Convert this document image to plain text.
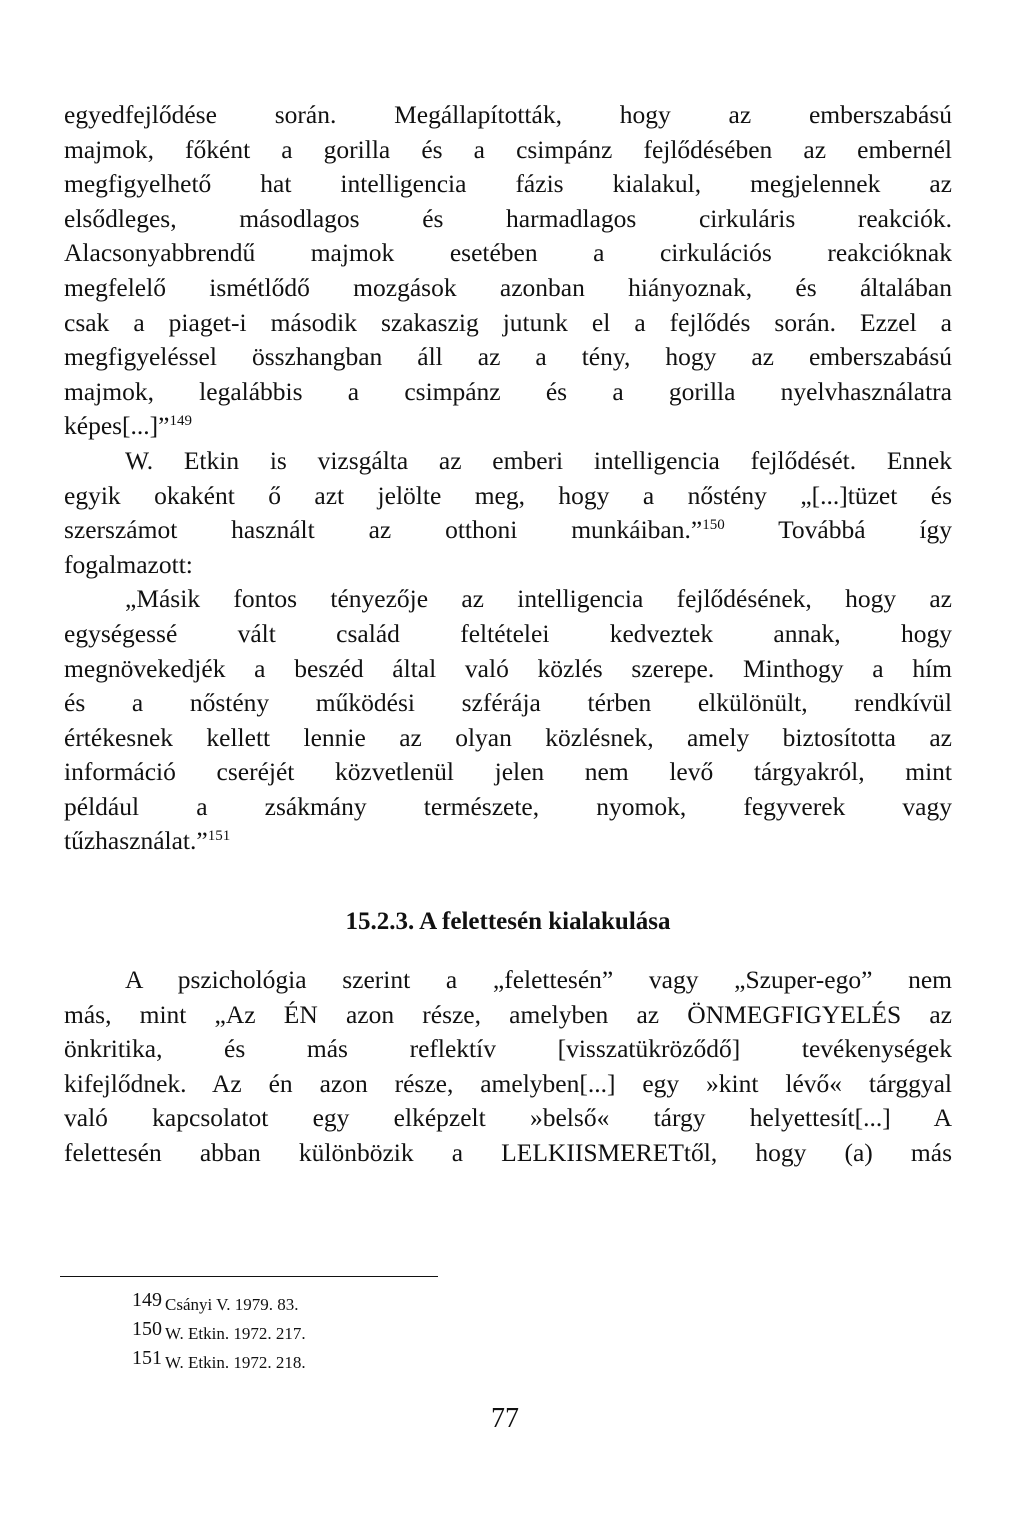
egyedfejlődése során. Megállapították, hogy az emberszabású
majmok, főként a gorilla és a csimpánz fejlődésében az embernél
megfigyelhető hat intelligencia fázis kialakul, megjelennek az
elsődleges, másodlagos és harmadlagos cirkuláris reakciók.
Alacsonyabbrendű majmok esetében a cirkulációs reakcióknak
megfelelő ismétlődő mozgások azonban hiányoznak, és általában
csak a piaget-i második szakaszig jutunk el a fejlődés során. Ezzel a
megfigyeléssel összhangban áll az a tény, hogy az emberszabású
majmok, legalábbis a csimpánz és a gorilla nyelvhasználatra
képes[...]”$^{149}$
W. Etkin is vizsgálta az emberi intelligencia fejlődését. Ennek
egyik okaként ő azt jelölte meg, hogy a nőstény „[...]tüzet és
szerszámot használt az otthoni munkáiban.”$^{150}$ Továbbá így
fogalmazott:
„Másik fontos tényezője az intelligencia fejlődésének, hogy az
egységessé vált család feltételei kedveztek annak, hogy
megnövekedjék a beszéd által való közlés szerepe. Minthogy a hím
és a nőstény működési szférája térben elkülönült, rendkívül
értékesnek kellett lennie az olyan közlésnek, amely biztosította az
információ cseréjét közvetlenül jelen nem levő tárgyakról, mint
például a zsákmány természete, nyomok, fegyverek vagy
tűzhasználat.”$^{151}$
15.2.3. A felettesén kialakulása
A pszichológia szerint a „felettesén” vagy „Szuper-ego” nem
más, mint „Az ÉN azon része, amelyben az ÖNMEGFIGYELÉS az
önkritika, és más reflektív [visszatükröződő] tevékenységek
kifejlődnek. Az én azon része, amelyben[...] egy »kint lévő« tárggyal
való kapcsolatot egy elképzelt »belső« tárgy helyettesít[...] A
felettesén abban különbözik a LELKIISMERETtől, hogy (a) más
149 Csányi V. 1979. 83.
150 W. Etkin. 1972. 217.
151 W. Etkin. 1972. 218.
77
